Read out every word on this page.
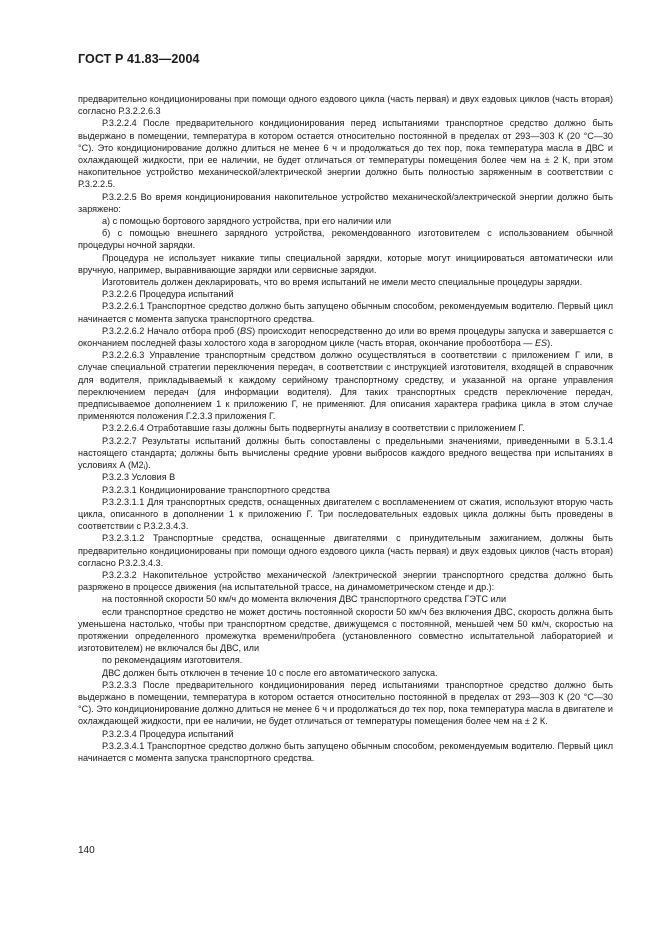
ГОСТ Р 41.83—2004

предварительно кондиционированы при помощи одного ездового цикла (часть первая) и двух ездовых циклов (часть вторая) согласно Р.3.2.2.6.3

Р.3.2.2.4 После предварительного кондиционирования перед испытаниями транспортное средство должно быть выдержано в помещении, температура в котором остается относительно постоянной в пределах от 293—303 К (20 °С—30 °С). Это кондиционирование должно длиться не менее 6 ч и продолжаться до тех пор, пока температура масла в ДВС и охлаждающей жидкости, при ее наличии, не будет отличаться от температуры помещения более чем на ± 2 К, при этом накопительное устройство механической/электрической энергии должно быть полностью заряженным в соответствии с Р.3.2.2.5.

Р.3.2.2.5 Во время кондиционирования накопительное устройство механической/электрической энергии должно быть заряжено:

а) с помощью бортового зарядного устройства, при его наличии или

б) с помощью внешнего зарядного устройства, рекомендованного изготовителем с использованием обычной процедуры ночной зарядки.

Процедура не использует никакие типы специальной зарядки, которые могут инициироваться автоматически или вручную, например, выравнивающие зарядки или сервисные зарядки.

Изготовитель должен декларировать, что во время испытаний не имели место специальные процедуры зарядки.

Р.3.2.2.6 Процедура испытаний

Р.3.2.2.6.1 Транспортное средство должно быть запущено обычным способом, рекомендуемым водителю. Первый цикл начинается с момента запуска транспортного средства.

Р.3.2.2.6.2 Начало отбора проб (BS) происходит непосредственно до или во время процедуры запуска и завершается с окончанием последней фазы холостого хода в загородном цикле (часть вторая, окончание пробоотбора — ES).

Р.3.2.2.6.3 Управление транспортным средством должно осуществляться в соответствии с приложением Г или, в случае специальной стратегии переключения передач, в соответствии с инструкцией изготовителя, входящей в справочник для водителя, прикладываемый к каждому серийному транспортному средству, и указанной на органе управления переключением передач (для информации водителя). Для таких транспортных средств переключение передач, предписываемое дополнением 1 к приложению Г, не применяют. Для описания характера графика цикла в этом случае применяются положения Г.2.3.3 приложения Г.

Р.3.2.2.6.4 Отработавшие газы должны быть подвергнуты анализу в соответствии с приложением Г.

Р.3.2.2.7 Результаты испытаний должны быть сопоставлены с предельными значениями, приведенными в 5.3.1.4 настоящего стандарта; должны быть вычислены средние уровни выбросов каждого вредного вещества при испытаниях в условиях А $(М2_i)$.

Р.3.2.3 Условия В

Р.3.2.3.1 Кондиционирование транспортного средства

Р.3.2.3.1.1 Для транспортных средств, оснащенных двигателем с воспламенением от сжатия, используют вторую часть цикла, описанного в дополнении 1 к приложению Г. Три последовательных ездовых цикла должны быть проведены в соответствии с Р.3.2.3.4.3.

Р.3.2.3.1.2 Транспортные средства, оснащенные двигателями с принудительным зажиганием, должны быть предварительно кондиционированы при помощи одного ездового цикла (часть первая) и двух ездовых циклов (часть вторая) согласно Р.3.2.3.4.3.

Р.3.2.3.2 Накопительное устройство механической /электрической энергии транспортного средства должно быть разряжено в процессе движения (на испытательной трассе, на динамометрическом стенде и др.):

на постоянной скорости 50 км/ч до момента включения ДВС транспортного средства ГЭТС или

если транспортное средство не может достичь постоянной скорости 50 км/ч без включения ДВС, скорость должна быть уменьшена настолько, чтобы при транспортном средстве, движущемся с постоянной, меньшей чем 50 км/ч, скоростью на протяжении определенного промежутка времени/пробега (установленного совместно испытательной лабораторией и изготовителем) не включался бы ДВС, или

по рекомендациям изготовителя.

ДВС должен быть отключен в течение 10 с после его автоматического запуска.

Р.3.2.3.3 После предварительного кондиционирования перед испытаниями транспортное средство должно быть выдержано в помещении, температура в котором остается относительно постоянной в пределах от 293—303 К (20 °С—30 °С). Это кондиционирование должно длиться не менее 6 ч и продолжаться до тех пор, пока температура масла в двигателе и охлаждающей жидкости, при ее наличии, не будет отличаться от температуры помещения более чем на ± 2 К.

Р.3.2.3.4 Процедура испытаний

Р.3.2.3.4.1 Транспортное средство должно быть запущено обычным способом, рекомендуемым водителю. Первый цикл начинается с момента запуска транспортного средства.

140
